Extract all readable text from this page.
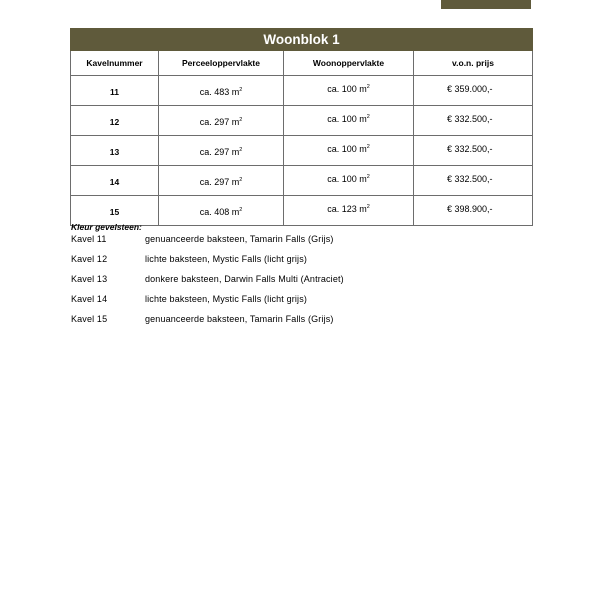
Woonblok 1			
Kavelnummer	Perceeloppervlakte	Woonoppervlakte	v.o.n. prijs
11	ca. 483 $m^2$	ca. 100 $m^2$	€ 359.000,-
12	ca. 297 $m^2$	ca. 100 $m^2$	€ 332.500,-
13	ca. 297 $m^2$	ca. 100 $m^2$	€ 332.500,-
14	ca. 297 $m^2$	ca. 100 $m^2$	€ 332.500,-
15	ca. 408 $m^2$	ca. 123 $m^2$	€ 398.900,-
Kleur gevelsteen:
Kavel 11	genuanceerde baksteen, Tamarin Falls (Grijs)
Kavel 12	lichte baksteen, Mystic Falls (licht grijs)
Kavel 13	donkere baksteen, Darwin Falls Multi (Antraciet)
Kavel 14	lichte baksteen, Mystic Falls (licht grijs)
Kavel 15	genuanceerde baksteen, Tamarin Falls (Grijs)
